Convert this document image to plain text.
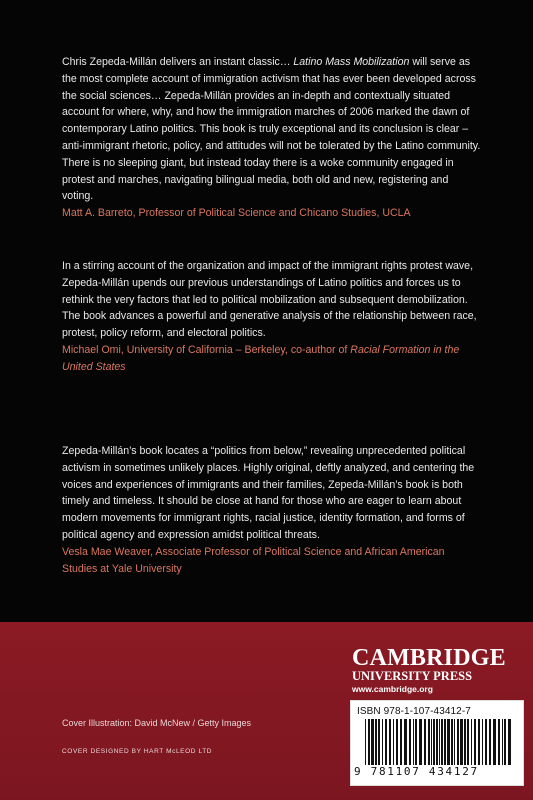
Chris Zepeda-Millán delivers an instant classic… Latino Mass Mobilization will serve as the most complete account of immigration activism that has ever been developed across the social sciences… Zepeda-Millán provides an in-depth and contextually situated account for where, why, and how the immigration marches of 2006 marked the dawn of contemporary Latino politics. This book is truly exceptional and its conclusion is clear – anti-immigrant rhetoric, policy, and attitudes will not be tolerated by the Latino community. There is no sleeping giant, but instead today there is a woke community engaged in protest and marches, navigating bilingual media, both old and new, registering and voting.

Matt A. Barreto, Professor of Political Science and Chicano Studies, UCLA

In a stirring account of the organization and impact of the immigrant rights protest wave, Zepeda-Millán upends our previous understandings of Latino politics and forces us to rethink the very factors that led to political mobilization and subsequent demobilization. The book advances a powerful and generative analysis of the relationship between race, protest, policy reform, and electoral politics.

Michael Omi, University of California – Berkeley, co-author of Racial Formation in the United States

Zepeda-Millán’s book locates a “politics from below,” revealing unprecedented political activism in sometimes unlikely places. Highly original, deftly analyzed, and centering the voices and experiences of immigrants and their families, Zepeda-Millán’s book is both timely and timeless. It should be close at hand for those who are eager to learn about modern movements for immigrant rights, racial justice, identity formation, and forms of political agency and expression amidst political threats.

Vesla Mae Weaver, Associate Professor of Political Science and African American Studies at Yale University
CAMBRIDGE
UNIVERSITY PRESS
www.cambridge.org
ISBN 978-1-107-43412-7
9 781107 434127
Cover Illustration: David McNew / Getty Images
COVER DESIGNED BY HART McLEOD LTD
